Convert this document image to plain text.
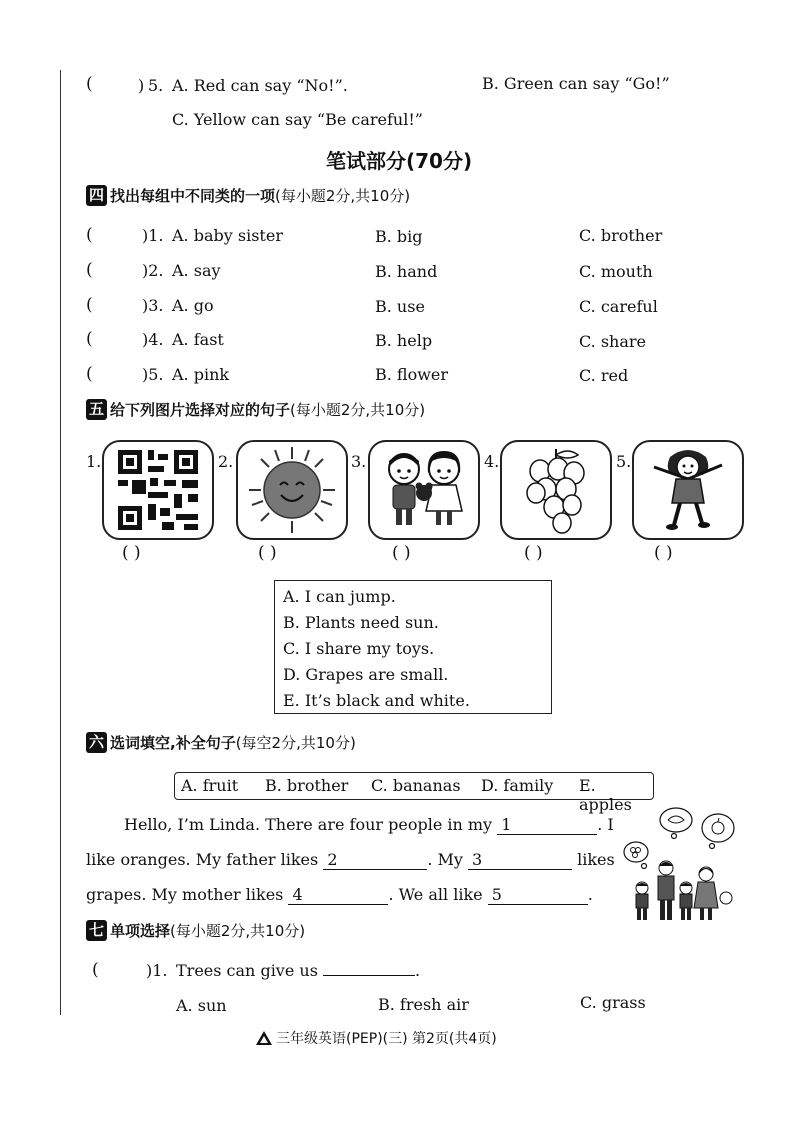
(	) 5. A. Red can say “No!”.	B. Green can say “Go!”
C. Yellow can say “Be careful!”
笔试部分(70分)
四 找出每组中不同类的一项(每小题2分,共10分)
(	)1. A. baby sister	B. big	C. brother
(	)2. A. say	B. hand	C. mouth
(	)3. A. go	B. use	C. careful
(	)4. A. fast	B. help	C. share
(	)5. A. pink	B. flower	C. red
五 给下列图片选择对应的句子(每小题2分,共10分)
1.
( )
2.
( )
3.
( )
4.
( )
5.
( )
A. I can jump.
B. Plants need sun.
C. I share my toys.
D. Grapes are small.
E. It’s black and white.
六 选词填空,补全句子(每空2分,共10分)
A. fruit B. brother C. bananas D. family E. apples
Hello, I’m Linda. There are four people in my 1	. I
like oranges. My father likes 2	. My 3	likes
grapes. My mother likes 4	. We all like 5	.
七 单项选择(每小题2分,共10分)
(	)1. Trees can give us	.
A. sun	B. fresh air	C. grass
三年级英语(PEP)(三) 第2页(共4页)
